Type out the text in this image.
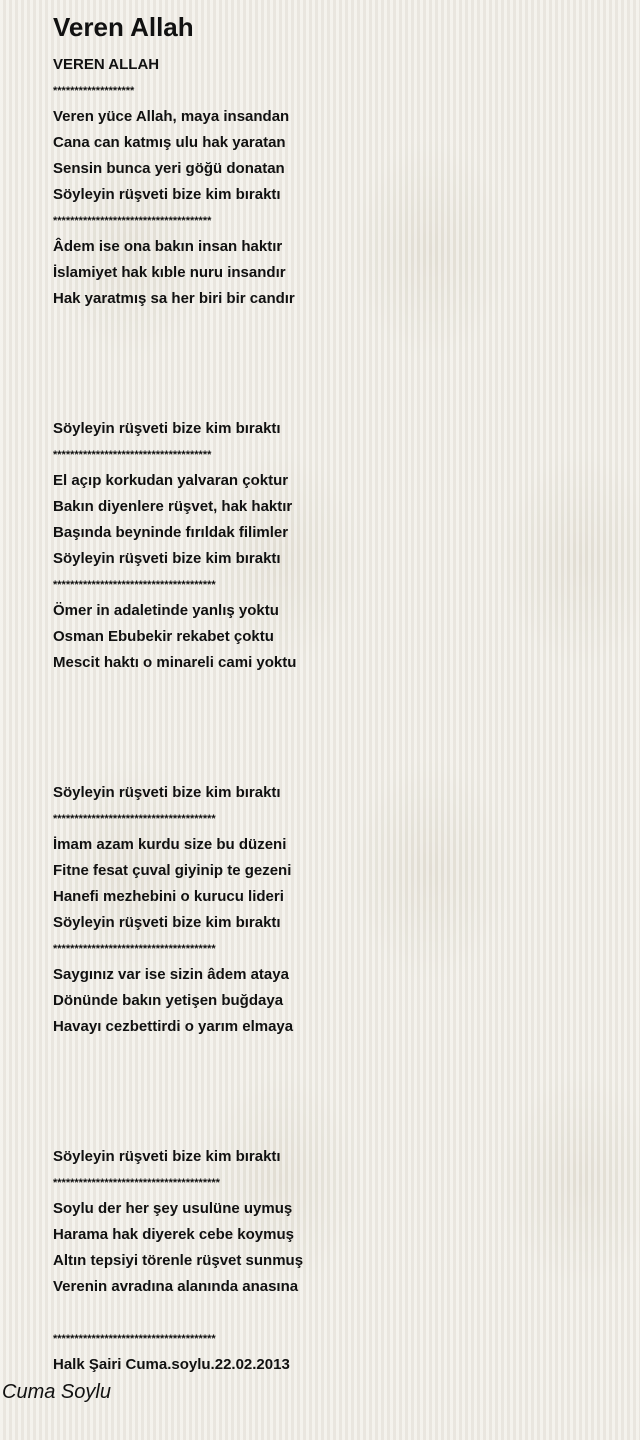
Veren Allah
VEREN ALLAH
*******************
Veren yüce Allah, maya insandan
Cana can katmış ulu hak yaratan
Sensin bunca yeri göğü donatan
Söyleyin rüşveti bize kim bıraktı
*************************************
Âdem ise ona bakın insan haktır
İslamiyet hak kıble nuru insandır
Hak yaratmış sa her biri bir candır
Söyleyin rüşveti bize kim bıraktı
*************************************
El açıp korkudan yalvaran çoktur
Bakın diyenlere rüşvet, hak haktır
Başında beyninde fırıldak filimler
Söyleyin rüşveti bize kim bıraktı
**************************************
Ömer in adaletinde yanlış yoktu
Osman Ebubekir rekabet çoktu
Mescit haktı o minareli cami yoktu
Söyleyin rüşveti bize kim bıraktı
**************************************
İmam azam kurdu size bu düzeni
Fitne fesat çuval giyinip te gezeni
Hanefi mezhebini o kurucu lideri
Söyleyin rüşveti bize kim bıraktı
**************************************
Saygınız var ise sizin âdem ataya
Dönünde bakın yetişen buğdaya
Havayı cezbettirdi o yarım elmaya
Söyleyin rüşveti bize kim bıraktı
***************************************
Soylu der her şey usulüne uymuş
Harama hak diyerek cebe koymuş
Altın tepsiyi törenle rüşvet sunmuş
Verenin avradına alanında anasına
**************************************
Halk Şairi Cuma.soylu.22.02.2013
Cuma Soylu
